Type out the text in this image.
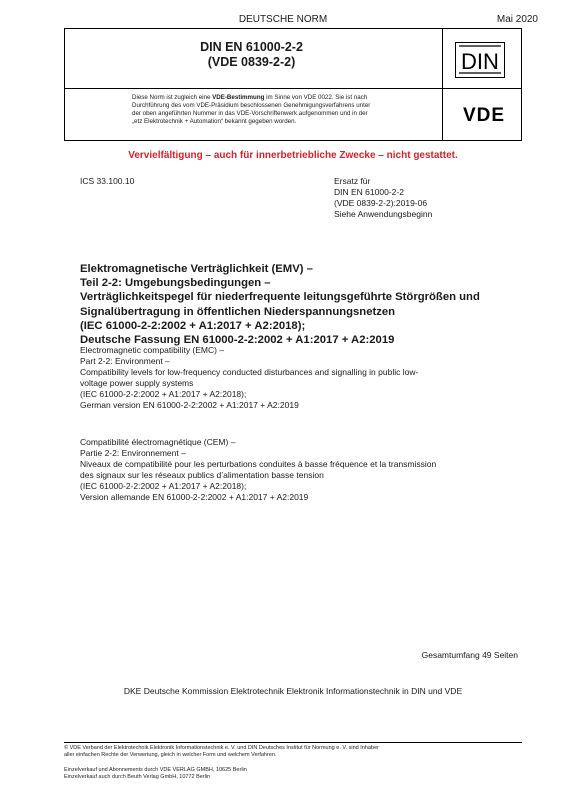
DEUTSCHE NORM	Mai 2020
DIN EN 61000-2-2
(VDE 0839-2-2)	DIN
Diese Norm ist zugleich eine VDE-Bestimmung im Sinne von VDE 0022. Sie ist nach
Durchführung des vom VDE-Präsidium beschlossenen Genehmigungsverfahrens unter
der oben angeführten Nummer in das VDE-Vorschriftenwerk aufgenommen und in der
„etz Elektrotechnik + Automation“ bekannt gegeben worden.	VDE
Vervielfältigung – auch für innerbetriebliche Zwecke – nicht gestattet.
ICS 33.100.10	Ersatz für
DIN EN 61000-2-2
(VDE 0839-2-2):2019-06
Siehe Anwendungsbeginn
Elektromagnetische Verträglichkeit (EMV) –
Teil 2-2: Umgebungsbedingungen –
Verträglichkeitspegel für niederfrequente leitungsgeführte Störgrößen und
Signalübertragung in öffentlichen Niederspannungsnetzen
(IEC 61000-2-2:2002 + A1:2017 + A2:2018);
Deutsche Fassung EN 61000-2-2:2002 + A1:2017 + A2:2019
Electromagnetic compatibility (EMC) –
Part 2-2: Environment –
Compatibility levels for low-frequency conducted disturbances and signalling in public low-
voltage power supply systems
(IEC 61000-2-2:2002 + A1:2017 + A2:2018);
German version EN 61000-2-2:2002 + A1:2017 + A2:2019
Compatibilité électromagnétique (CEM) –
Partie 2-2: Environnement –
Niveaux de compatibilité pour les perturbations conduites à basse fréquence et la transmission
des signaux sur les réseaux publics d’alimentation basse tension
(IEC 61000-2-2:2002 + A1:2017 + A2:2018);
Version allemande EN 61000-2-2:2002 + A1:2017 + A2:2019
Gesamtumfang 49 Seiten
DKE Deutsche Kommission Elektrotechnik Elektronik Informationstechnik in DIN und VDE
© VDE Verband der Elektrotechnik Elektronik Informationstechnik e. V. und DIN Deutsches Institut für Normung e. V. sind Inhaber
aller einfachen Rechte der Verwertung, gleich in welcher Form und welchem Verfahren.
Einzelverkauf und Abonnements durch VDE VERLAG GMBH, 10625 Berlin
Einzelverkauf auch durch Beuth Verlag GmbH, 10772 Berlin
